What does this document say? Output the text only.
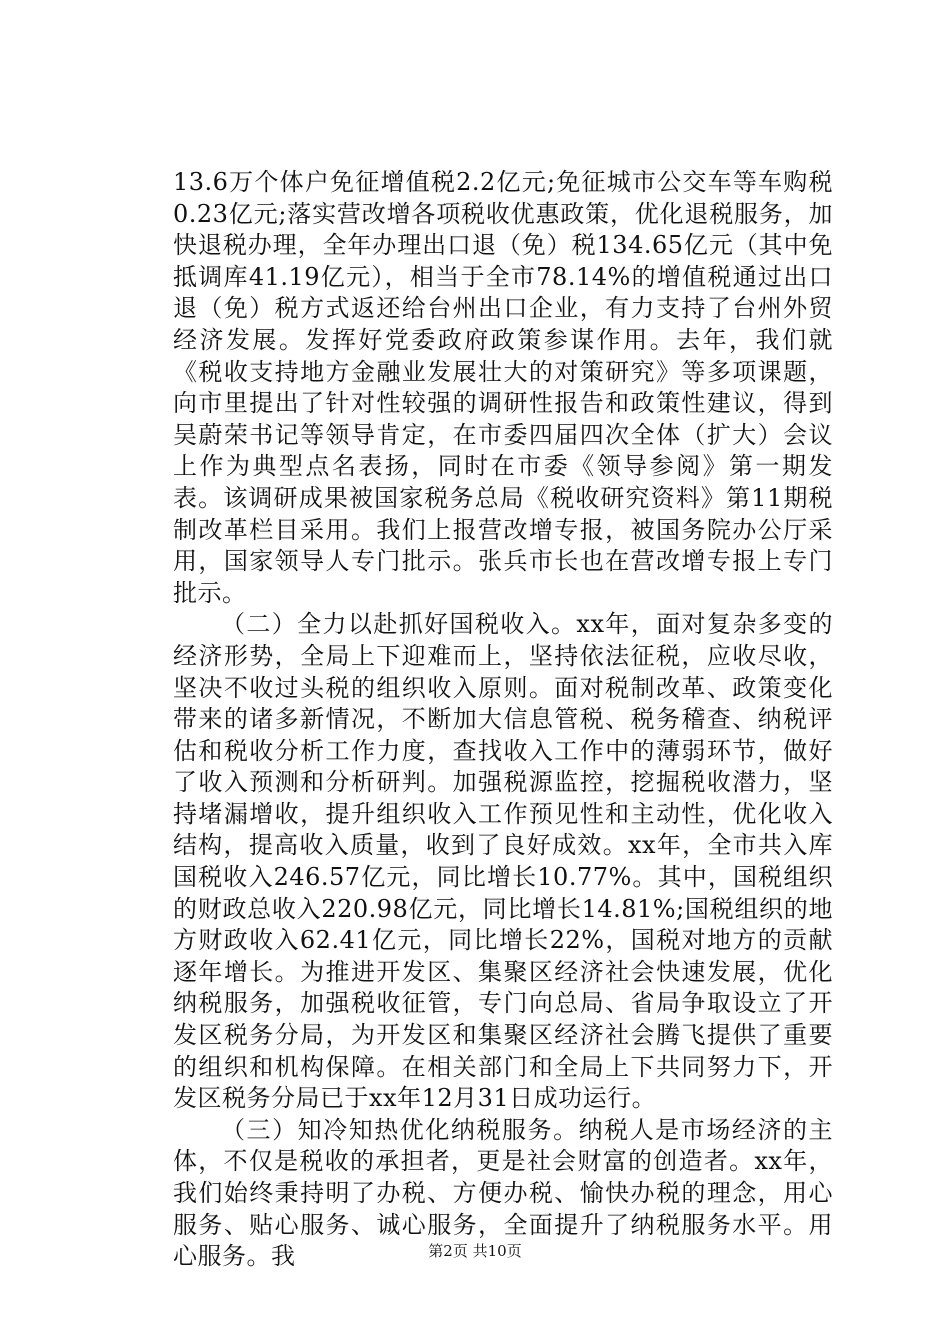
13.6万个体户免征增值税2.2亿元;免征城市公交车等车购税0.23亿元;落实营改增各项税收优惠政策，优化退税服务，加快退税办理，全年办理出口退（免）税134.65亿元（其中免抵调库41.19亿元），相当于全市78.14%的增值税通过出口退（免）税方式返还给台州出口企业，有力支持了台州外贸经济发展。发挥好党委政府政策参谋作用。去年，我们就《税收支持地方金融业发展壮大的对策研究》等多项课题，向市里提出了针对性较强的调研性报告和政策性建议，得到吴蔚荣书记等领导肯定，在市委四届四次全体（扩大）会议上作为典型点名表扬，同时在市委《领导参阅》第一期发表。该调研成果被国家税务总局《税收研究资料》第11期税制改革栏目采用。我们上报营改增专报，被国务院办公厅采用，国家领导人专门批示。张兵市长也在营改增专报上专门批示。

（二）全力以赴抓好国税收入。xx年，面对复杂多变的经济形势，全局上下迎难而上，坚持依法征税，应收尽收，坚决不收过头税的组织收入原则。面对税制改革、政策变化带来的诸多新情况，不断加大信息管税、税务稽查、纳税评估和税收分析工作力度，查找收入工作中的薄弱环节，做好了收入预测和分析研判。加强税源监控，挖掘税收潜力，坚持堵漏增收，提升组织收入工作预见性和主动性，优化收入结构，提高收入质量，收到了良好成效。xx年，全市共入库国税收入246.57亿元，同比增长10.77%。其中，国税组织的财政总收入220.98亿元，同比增长14.81%;国税组织的地方财政收入62.41亿元，同比增长22%，国税对地方的贡献逐年增长。为推进开发区、集聚区经济社会快速发展，优化纳税服务，加强税收征管，专门向总局、省局争取设立了开发区税务分局，为开发区和集聚区经济社会腾飞提供了重要的组织和机构保障。在相关部门和全局上下共同努力下，开发区税务分局已于xx年12月31日成功运行。

（三）知冷知热优化纳税服务。纳税人是市场经济的主体，不仅是税收的承担者，更是社会财富的创造者。xx年，我们始终秉持明了办税、方便办税、愉快办税的理念，用心服务、贴心服务、诚心服务，全面提升了纳税服务水平。用心服务。我	第2页 共10页
